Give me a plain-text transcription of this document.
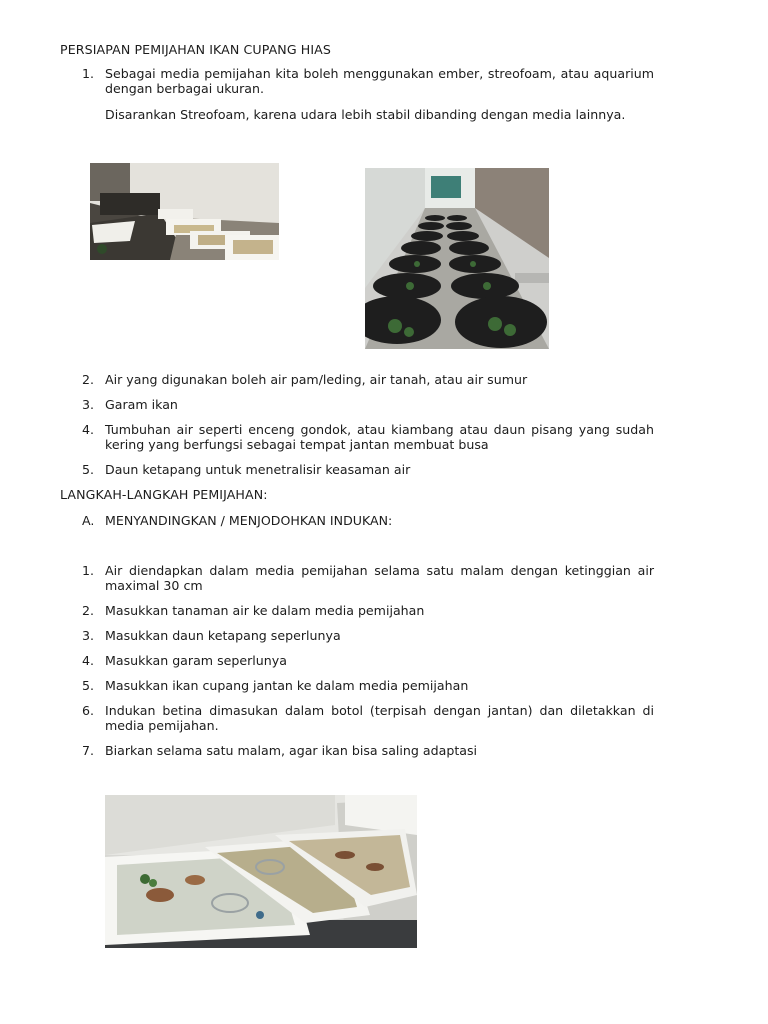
PERSIAPAN PEMIJAHAN IKAN CUPANG HIAS
1. Sebagai media pemijahan kita boleh menggunakan ember, streofoam, atau aquarium dengan berbagai ukuran.
Disarankan Streofoam, karena udara lebih stabil dibanding dengan media lainnya.
2. Air yang digunakan boleh air pam/leding, air tanah, atau air sumur
3. Garam ikan
4. Tumbuhan air seperti enceng gondok, atau kiambang atau daun pisang yang sudah kering yang berfungsi sebagai tempat jantan membuat busa
5. Daun ketapang untuk menetralisir keasaman air
LANGKAH-LANGKAH PEMIJAHAN:
A. MENYANDINGKAN / MENJODOHKAN INDUKAN:
1. Air diendapkan dalam media pemijahan selama satu malam dengan ketinggian air maximal 30 cm
2. Masukkan tanaman air ke dalam media pemijahan
3. Masukkan daun ketapang seperlunya
4. Masukkan garam seperlunya
5. Masukkan ikan cupang jantan ke dalam media pemijahan
6. Indukan betina dimasukan dalam botol (terpisah dengan jantan) dan diletakkan di media pemijahan.
7. Biarkan selama satu malam, agar ikan bisa saling adaptasi
